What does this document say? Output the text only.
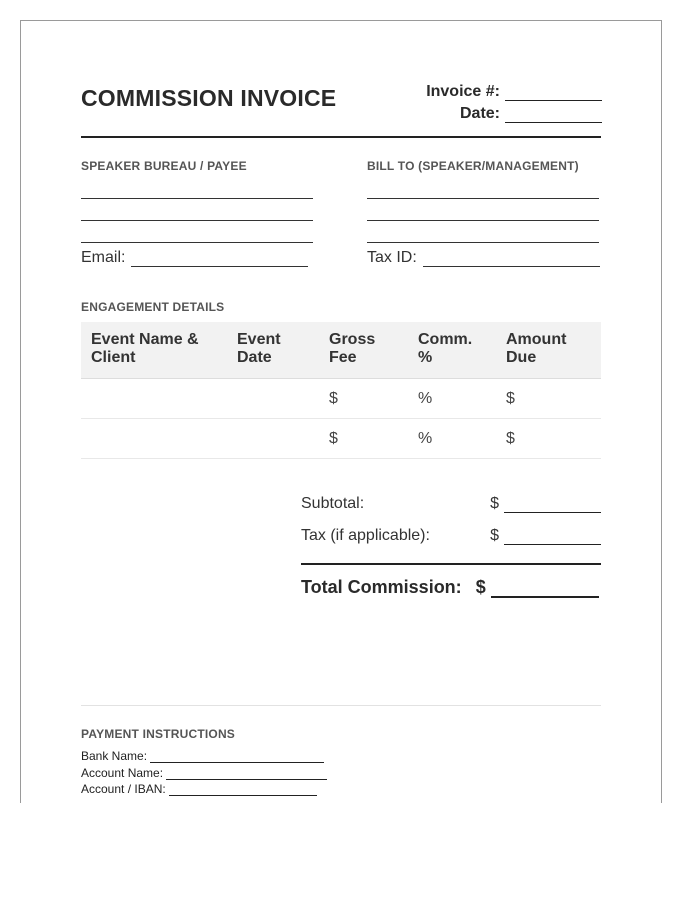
COMMISSION INVOICE	Invoice #:
Date:
SPEAKER BUREAU / PAYEE
Email:
BILL TO (SPEAKER/MANAGEMENT)
Tax ID:
ENGAGEMENT DETAILS
Event Name & Client	Event Date	Gross Fee	Comm. %	Amount Due
		$	%	$
		$	%	$
Subtotal:	$
Tax (if applicable):	$
Total Commission: $
PAYMENT INSTRUCTIONS
Bank Name:
Account Name:
Account / IBAN:
